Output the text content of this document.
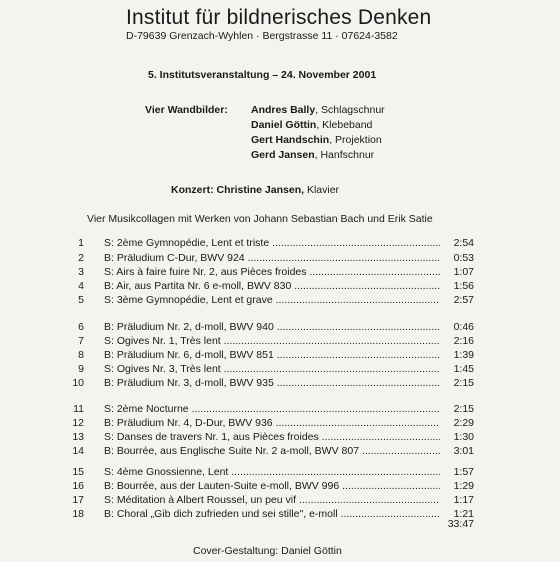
Institut für bildnerisches Denken
D-79639 Grenzach-Wyhlen · Bergstrasse 11 · 07624-3582
5. Institutsveranstaltung – 24. November 2001
Vier Wandbilder: Andres Bally, Schlagschnur
Daniel Göttin, Klebeband
Gert Handschin, Projektion
Gerd Jansen, Hanfschnur
Konzert: Christine Jansen, Klavier
Vier Musikcollagen mit Werken von Johann Sebastian Bach und Erik Satie
1 S: 2ème Gymnopédie, Lent et triste .....	2:54
2 B: Präludium C-Dur, BWV 924 .....	0:53
3 S: Airs à faire fuire Nr. 2, aus Pièces froides .....	1:07
4 B: Air, aus Partita Nr. 6 e-moll, BWV 830 .....	1:56
5 S: 3ème Gymnopédie, Lent et grave .....	2:57
6 B: Präludium Nr. 2, d-moll, BWV 940 .....	0:46
7 S: Ogives Nr. 1, Très lent .....	2:16
8 B: Präludium Nr. 6, d-moll, BWV 851 .....	1:39
9 S: Ogives Nr. 3, Très lent .....	1:45
10 B: Präludium Nr. 3, d-moll, BWV 935 .....	2:15
11 S: 2ème Nocturne .....	2:15
12 B: Präludium Nr. 4, D-Dur, BWV 936 .....	2:29
13 S: Danses de travers Nr. 1, aus Pièces froides .....	1:30
14 B: Bourrée, aus Englische Suite Nr. 2 a-moll, BWV 807 .....	3:01
15 S: 4ème Gnossienne, Lent .....	1:57
16 B: Bourrée, aus der Lauten-Suite e-moll, BWV 996 .....	1:29
17 S: Méditation à Albert Roussel, un peu vif .....	1:17
18 B: Choral „Gib dich zufrieden und sei stille", e-moll .....	1:21
33:47
Cover-Gestaltung: Daniel Göttin
